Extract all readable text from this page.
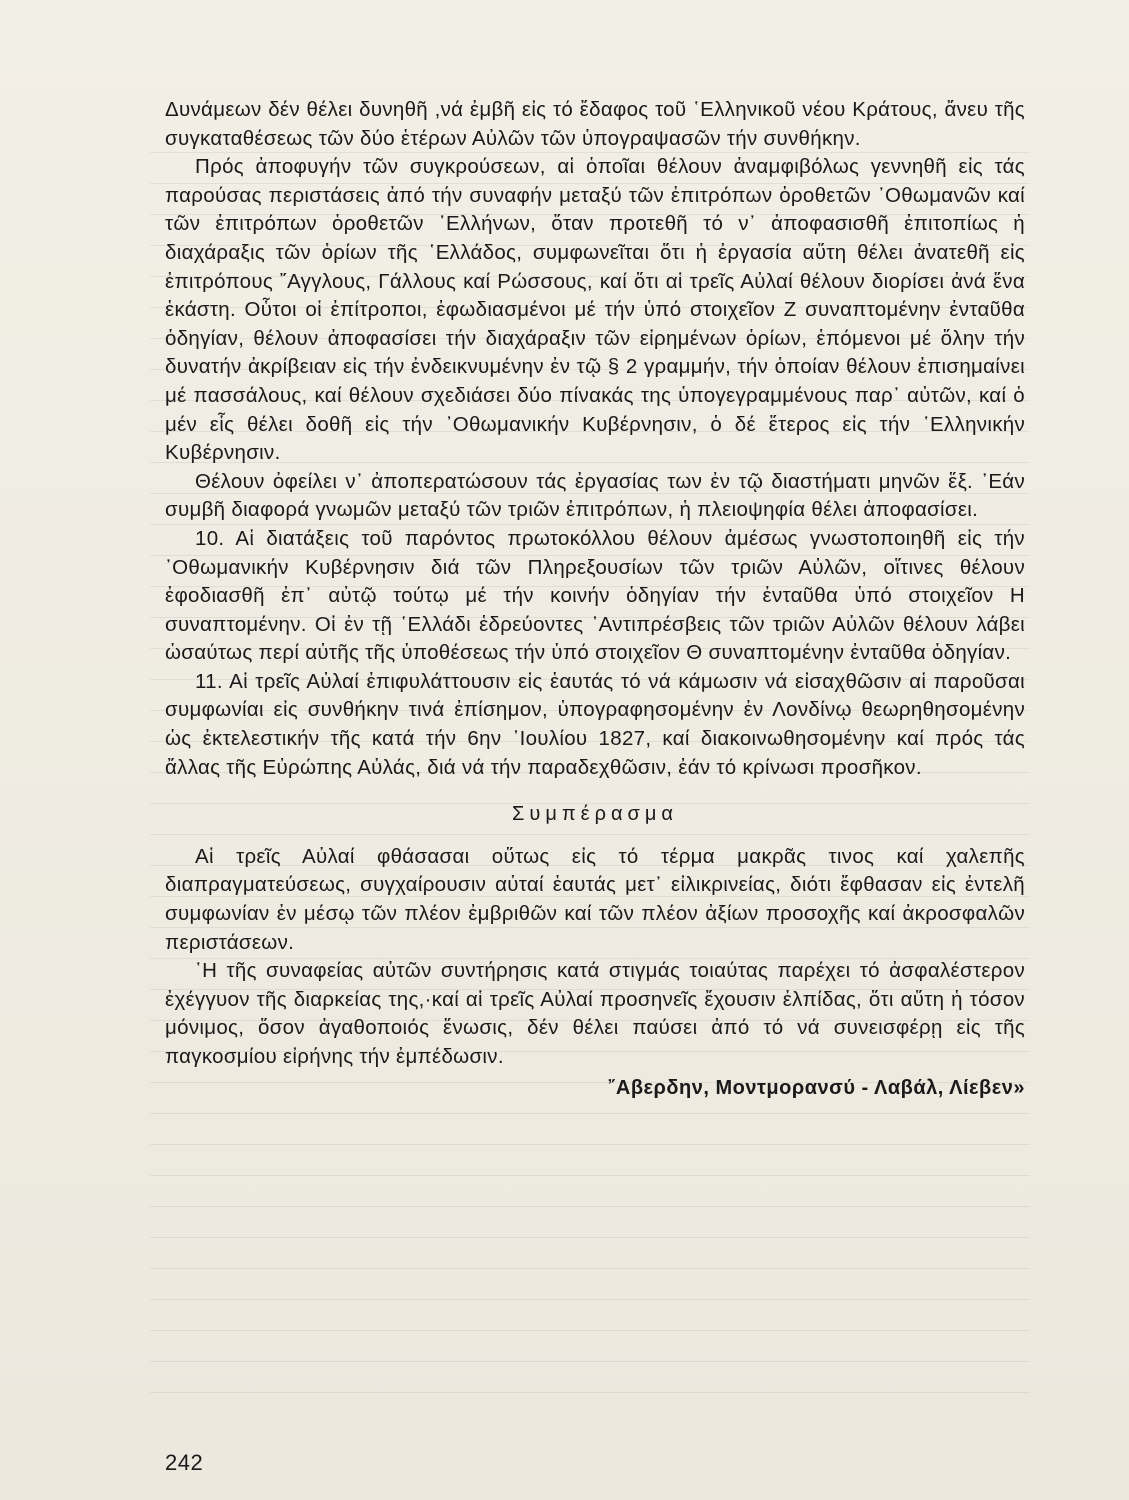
Δυνάμεων δέν θέλει δυνηθῆ ,νά ἐμβῆ εἰς τό ἔδαφος τοῦ ῾Ελληνικοῦ νέου Κράτους, ἄνευ τῆς συγκαταθέσεως τῶν δύο ἑτέρων Αὐλῶν τῶν ὑπογραψασῶν τήν συνθήκην.

Πρός ἀποφυγήν τῶν συγκρούσεων, αἱ ὁποῖαι θέλουν ἀναμφιβόλως γεννηθῆ εἰς τάς παρούσας περιστάσεις ἀπό τήν συναφήν μεταξύ τῶν ἐπιτρόπων ὁροθετῶν ᾿Οθωμανῶν καί τῶν ἐπιτρόπων ὁροθετῶν ῾Ελλήνων, ὅταν προτεθῆ τό ν᾿ ἀποφασισθῆ ἐπιτοπίως ἡ διαχάραξις τῶν ὁρίων τῆς ῾Ελλάδος, συμφωνεῖται ὅτι ἡ ἐργασία αὕτη θέλει ἀνατεθῆ εἰς ἐπιτρόπους ῎Αγγλους, Γάλλους καί Ρώσσους, καί ὅτι αἱ τρεῖς Αὐλαί θέλουν διορίσει ἀνά ἕνα ἑκάστη. Οὗτοι οἱ ἐπίτροποι, ἐφωδιασμένοι μέ τήν ὑπό στοιχεῖον Ζ συναπτομένην ἐνταῦθα ὁδηγίαν, θέλουν ἀποφασίσει τήν διαχάραξιν τῶν εἰρημένων ὁρίων, ἑπόμενοι μέ ὅλην τήν δυνατήν ἀκρίβειαν εἰς τήν ἐνδεικνυμένην ἐν τῷ § 2 γραμμήν, τήν ὁποίαν θέλουν ἐπισημαίνει μέ πασσάλους, καί θέλουν σχεδιάσει δύο πίνακάς της ὑπογεγραμμένους παρ᾿ αὐτῶν, καί ὁ μέν εἷς θέλει δοθῆ εἰς τήν ᾿Οθωμανικήν Κυβέρνησιν, ὁ δέ ἕτερος εἰς τήν ῾Ελληνικήν Κυβέρνησιν.

Θέλουν ὀφείλει ν᾿ ἀποπερατώσουν τάς ἐργασίας των ἐν τῷ διαστήματι μηνῶν ἕξ. ᾿Εάν συμβῆ διαφορά γνωμῶν μεταξύ τῶν τριῶν ἐπιτρόπων, ἡ πλειοψηφία θέλει ἀποφασίσει.

10. Αἱ διατάξεις τοῦ παρόντος πρωτοκόλλου θέλουν ἀμέσως γνωστοποιηθῆ εἰς τήν ᾿Οθωμανικήν Κυβέρνησιν διά τῶν Πληρεξουσίων τῶν τριῶν Αὐλῶν, οἵτινες θέλουν ἐφοδιασθῆ ἐπ᾿ αὐτῷ τούτῳ μέ τήν κοινήν ὁδηγίαν τήν ἐνταῦθα ὑπό στοιχεῖον Η συναπτομένην. Οἱ ἐν τῇ ῾Ελλάδι ἑδρεύοντες ᾿Αντιπρέσβεις τῶν τριῶν Αὐλῶν θέλουν λάβει ὡσαύτως περί αὐτῆς τῆς ὑποθέσεως τήν ὑπό στοιχεῖον Θ συναπτομένην ἐνταῦθα ὁδηγίαν.

11. Αἱ τρεῖς Αὐλαί ἐπιφυλάττουσιν εἰς ἑαυτάς τό νά κάμωσιν νά εἰσαχθῶσιν αἱ παροῦσαι συμφωνίαι εἰς συνθήκην τινά ἐπίσημον, ὑπογραφησομένην ἐν Λονδίνῳ θεωρηθησομένην ὡς ἐκτελεστικήν τῆς κατά τήν 6ην ᾿Ιουλίου 1827, καί διακοινωθησομένην καί πρός τάς ἄλλας τῆς Εὐρώπης Αὐλάς, διά νά τήν παραδεχθῶσιν, ἐάν τό κρίνωσι προσῆκον.

Συμπέρασμα

Αἱ τρεῖς Αὐλαί φθάσασαι οὕτως εἰς τό τέρμα μακρᾶς τινος καί χαλεπῆς διαπραγματεύσεως, συγχαίρουσιν αὐταί ἑαυτάς μετ᾿ εἰλικρινείας, διότι ἔφθασαν εἰς ἐντελῆ συμφωνίαν ἐν μέσῳ τῶν πλέον ἐμβριθῶν καί τῶν πλέον ἀξίων προσοχῆς καί ἀκροσφαλῶν περιστάσεων.

῾Η τῆς συναφείας αὐτῶν συντήρησις κατά στιγμάς τοιαύτας παρέχει τό ἀσφαλέστερον ἐχέγγυον τῆς διαρκείας της,·καί αἱ τρεῖς Αὐλαί προσηνεῖς ἔχουσιν ἐλπίδας, ὅτι αὕτη ἡ τόσον μόνιμος, ὅσον ἀγαθοποιός ἕνωσις, δέν θέλει παύσει ἀπό τό νά συνεισφέρῃ εἰς τῆς παγκοσμίου εἰρήνης τήν ἐμπέδωσιν.

῎Αβερδην, Μοντμορανσύ - Λαβάλ, Λίεβεν»

242
